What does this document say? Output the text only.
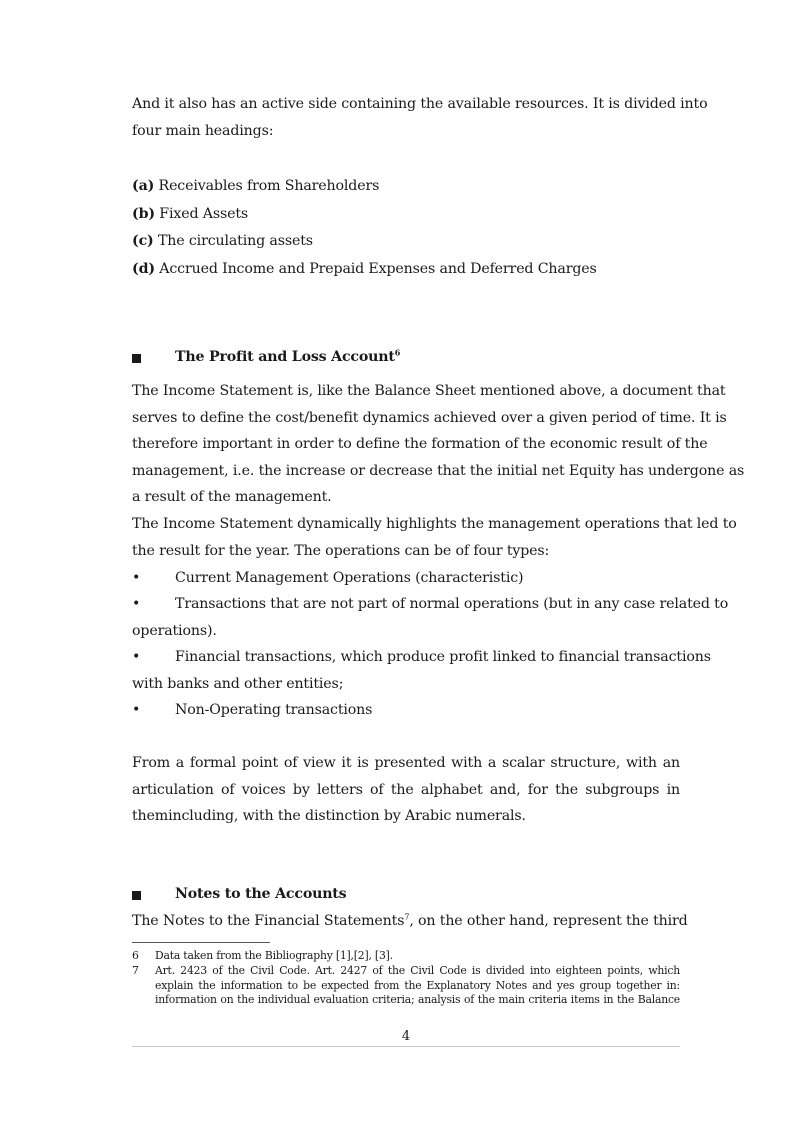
And it also has an active side containing the available resources. It is divided into
four main headings:
(a) Receivables from Shareholders
(b) Fixed Assets
(c) The circulating assets
(d) Accrued Income and Prepaid Expenses and Deferred Charges
The Profit and Loss Account$^6$
The Income Statement is, like the Balance Sheet mentioned above, a document that
serves to define the cost/benefit dynamics achieved over a given period of time. It is
therefore important in order to define the formation of the economic result of the
management, i.e. the increase or decrease that the initial net Equity has undergone as
a result of the management.
The Income Statement dynamically highlights the management operations that led to
the result for the year. The operations can be of four types:
• Current Management Operations (characteristic)
• Transactions that are not part of normal operations (but in any case related to
operations).
• Financial transactions, which produce profit linked to financial transactions
with banks and other entities;
• Non-Operating transactions
From a formal point of view it is presented with a scalar structure, with an
articulation of voices by letters of the alphabet and, for the subgroups in
themincluding, with the distinction by Arabic numerals.
Notes to the Accounts
The Notes to the Financial Statements$^7$, on the other hand, represent the third
6 Data taken from the Bibliography [1],[2], [3].
7 Art. 2423 of the Civil Code. Art. 2427 of the Civil Code is divided into eighteen points, which
explain the information to be expected from the Explanatory Notes and yes group together in:
information on the individual evaluation criteria; analysis of the main criteria items in the Balance
4
